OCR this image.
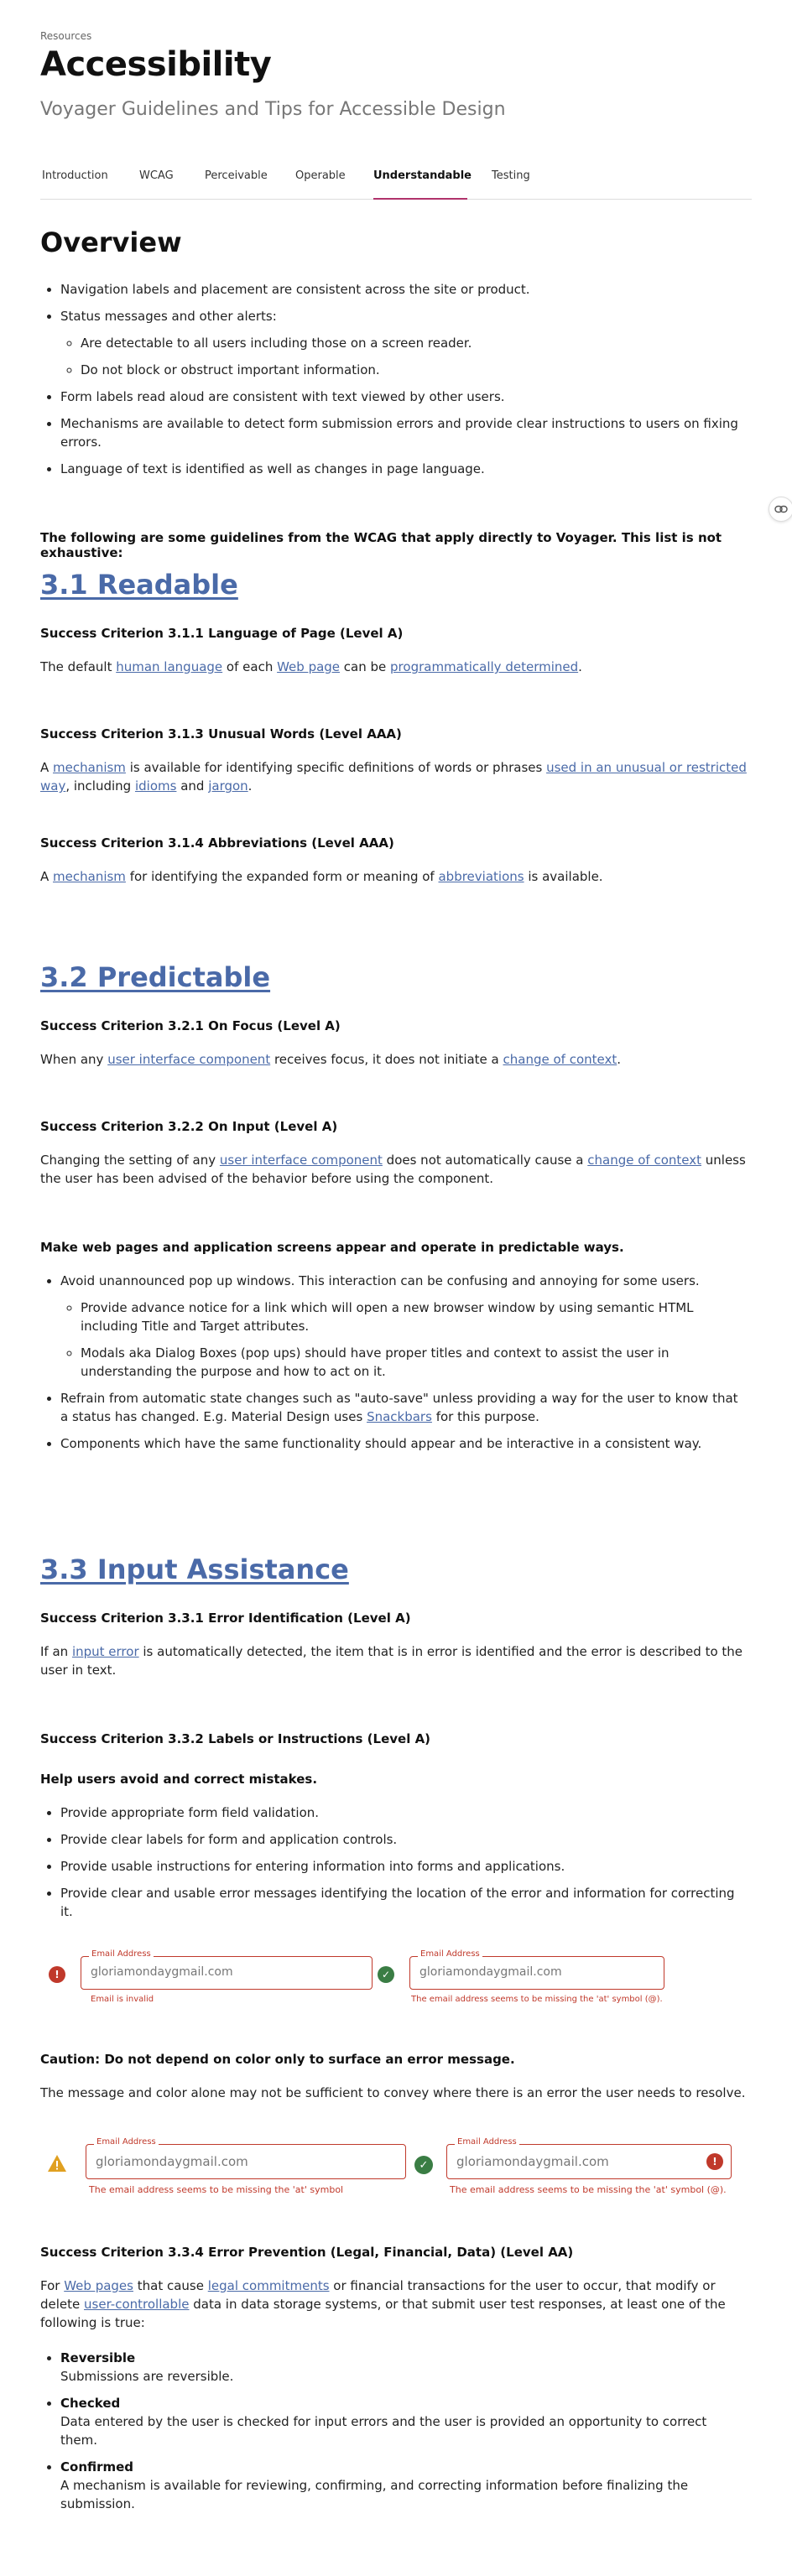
Resources
Accessibility
Voyager Guidelines and Tips for Accessible Design
Introduction	WCAG	Perceivable	Operable	Understandable Testing
Overview
• Navigation labels and placement are consistent across the site or product.
• Status messages and other alerts:
◦ Are detectable to all users including those on a screen reader.
◦ Do not block or obstruct important information.
• Form labels read aloud are consistent with text viewed by other users.
• Mechanisms are available to detect form submission errors and provide clear instructions to users on fixing errors.
• Language of text is identified as well as changes in page language.

The following are some guidelines from the WCAG that apply directly to Voyager. This list is not exhaustive:

3.1 Readable
Success Criterion 3.1.1 Language of Page (Level A)

The default human language of each Web page can be programmatically determined.

Success Criterion 3.1.3 Unusual Words (Level AAA)

A mechanism is available for identifying specific definitions of words or phrases used in an unusual or restricted way, including idioms and jargon.

Success Criterion 3.1.4 Abbreviations (Level AAA)

A mechanism for identifying the expanded form or meaning of abbreviations is available.

3.2 Predictable
Success Criterion 3.2.1 On Focus (Level A)

When any user interface component receives focus, it does not initiate a change of context.

Success Criterion 3.2.2 On Input (Level A)

Changing the setting of any user interface component does not automatically cause a change of context unless the user has been advised of the behavior before using the component.

Make web pages and application screens appear and operate in predictable ways.
• Avoid unannounced pop up windows. This interaction can be confusing and annoying for some users.
◦ Provide advance notice for a link which will open a new browser window by using semantic HTML including Title and Target attributes.
◦ Modals aka Dialog Boxes (pop ups) should have proper titles and context to assist the user in understanding the purpose and how to act on it.
• Refrain from automatic state changes such as "auto-save" unless providing a way for the user to know that a status has changed. E.g. Material Design uses Snackbars for this purpose.
• Components which have the same functionality should appear and be interactive in a consistent way.
3.3 Input Assistance
Success Criterion 3.3.1 Error Identification (Level A)

If an input error is automatically detected, the item that is in error is identified and the error is described to the user in text.

Success Criterion 3.3.2 Labels or Instructions (Level A)
Help users avoid and correct mistakes.
• Provide appropriate form field validation.
• Provide clear labels for form and application controls.
• Provide usable instructions for entering information into forms and applications.
• Provide clear and usable error messages identifying the location of the error and information for correcting it.
!
Email Address
gloriamondaygmail.com
Email is invalid
✓
Email Address
gloriamondaygmail.com
The email address seems to be missing the 'at' symbol (@).
Caution: Do not depend on color only to surface an error message.

The message and color alone may not be sufficient to convey where there is an error the user needs to resolve.

Email Address
gloriamondaygmail.com
The email address seems to be missing the 'at' symbol
✓
Email Address
gloriamondaygmail.com	!
The email address seems to be missing the 'at' symbol (@).
Success Criterion 3.3.4 Error Prevention (Legal, Financial, Data) (Level AA)

For Web pages that cause legal commitments or financial transactions for the user to occur, that modify or delete user-controllable data in data storage systems, or that submit user test responses, at least one of the following is true:

• Reversible
Submissions are reversible.
• Checked
Data entered by the user is checked for input errors and the user is provided an opportunity to correct them.
• Confirmed
A mechanism is available for reviewing, confirming, and correcting information before finalizing the submission.
